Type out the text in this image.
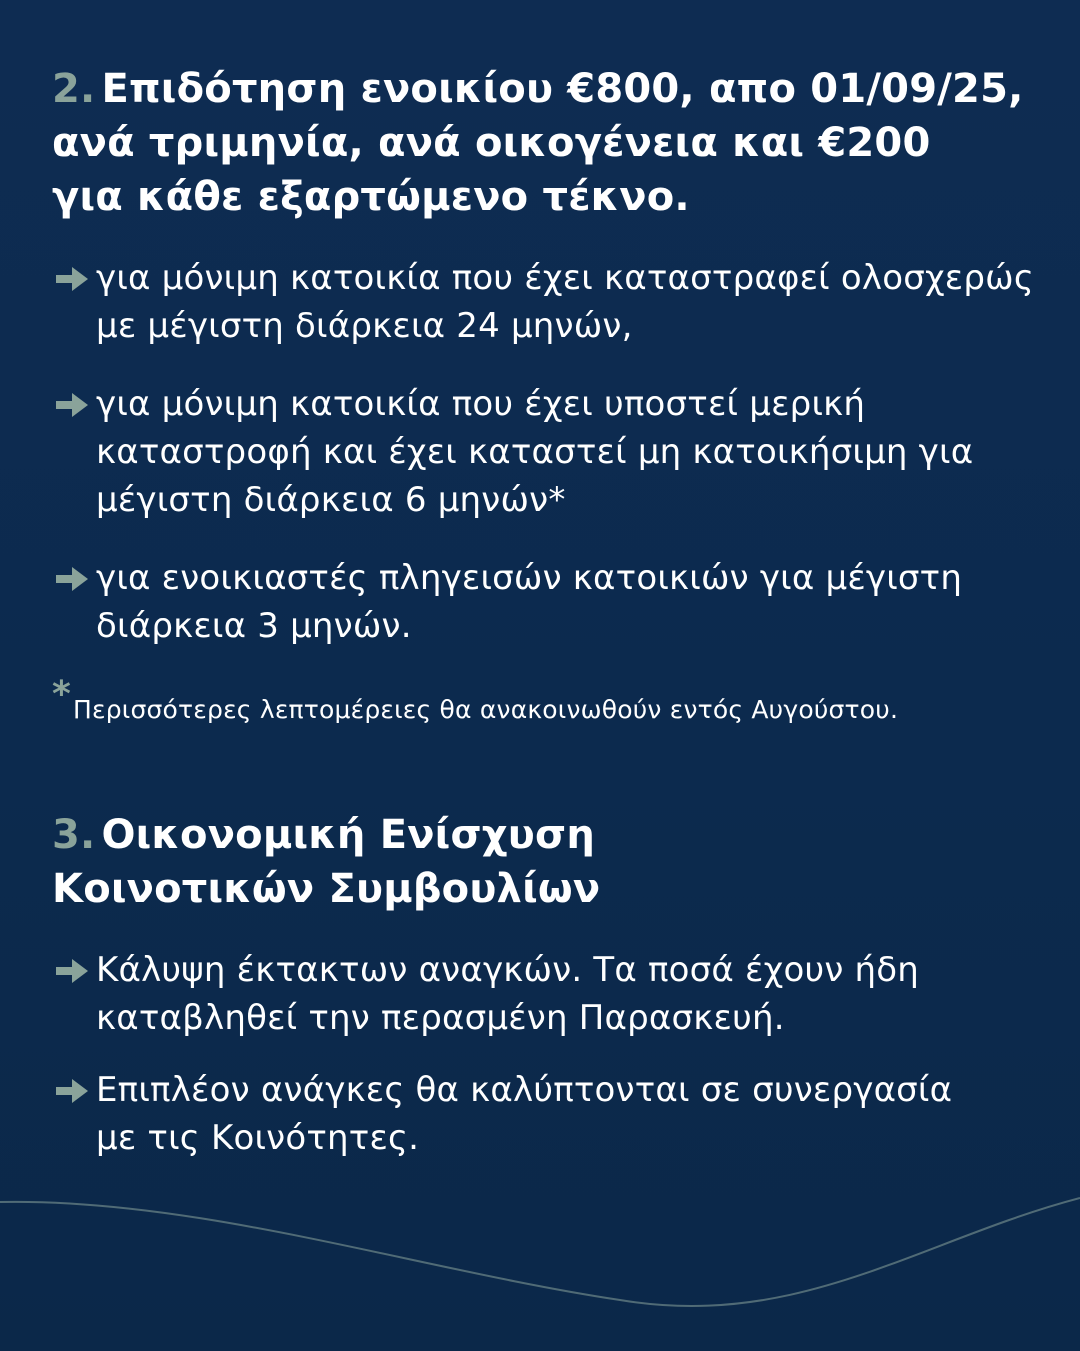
2. Επιδότηση ενοικίου €800, απο 01/09/25,
ανά τριμηνία, ανά οικογένεια και €200
για κάθε εξαρτώμενο τέκνο.
για μόνιμη κατοικία που έχει καταστραφεί ολοσχερώς
με μέγιστη διάρκεια 24 μηνών,
για μόνιμη κατοικία που έχει υποστεί μερική
καταστροφή και έχει καταστεί μη κατοικήσιμη για
μέγιστη διάρκεια 6 μηνών*
για ενοικιαστές πληγεισών κατοικιών για μέγιστη
διάρκεια 3 μηνών.
*Περισσότερες λεπτομέρειες θα ανακοινωθούν εντός Αυγούστου.
3. Οικονομική Ενίσχυση
Κοινοτικών Συμβουλίων
Κάλυψη έκτακτων αναγκών. Τα ποσά έχουν ήδη
καταβληθεί την περασμένη Παρασκευή.
Επιπλέον ανάγκες θα καλύπτονται σε συνεργασία
με τις Κοινότητες.
